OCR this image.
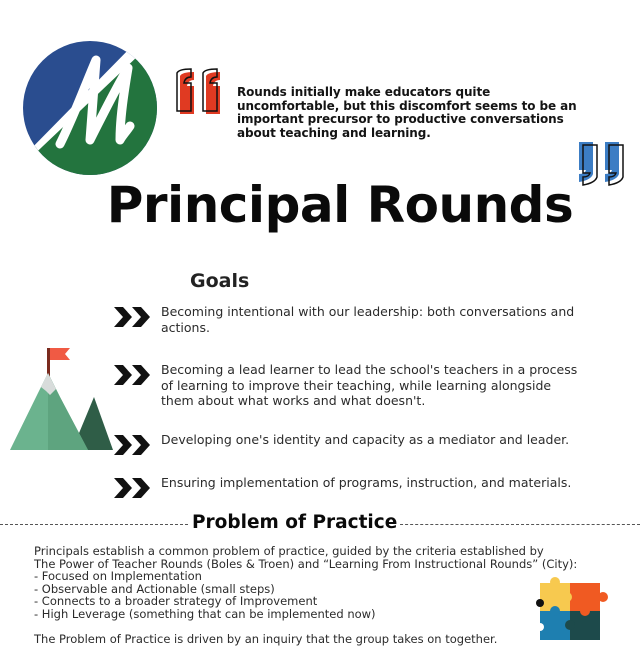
Rounds initially make educators quite uncomfortable, but this discomfort seems to be an important precursor to productive conversations about teaching and learning.
Principal Rounds
Goals
Becoming intentional with our leadership: both conversations and actions.
Becoming a lead learner to lead the school's teachers in a process of learning to improve their teaching, while learning alongside them about what works and what doesn't.
Developing one's identity and capacity as a mediator and leader.
Ensuring implementation of programs, instruction, and materials.
Problem of Practice
Principals establish a common problem of practice, guided by the criteria established by
The Power of Teacher Rounds (Boles & Troen) and “Learning From Instructional Rounds” (City):
- Focused on Implementation
- Observable and Actionable (small steps)
- Connects to a broader strategy of Improvement
- High Leverage (something that can be implemented now)
The Problem of Practice is driven by an inquiry that the group takes on together.
